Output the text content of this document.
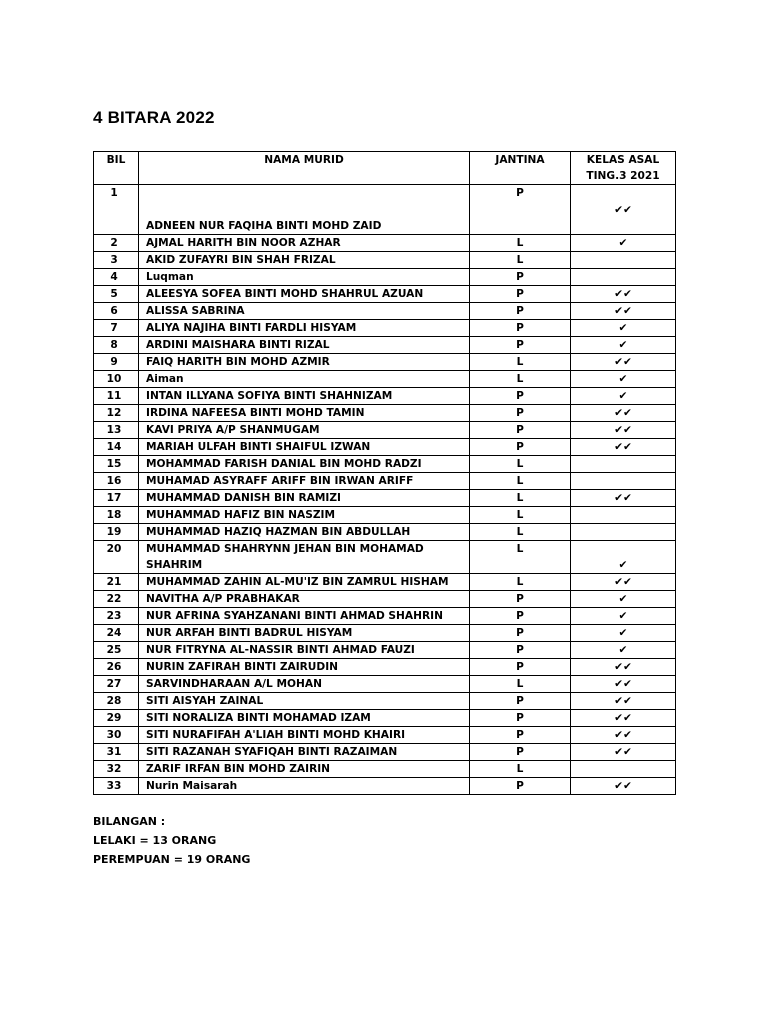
4 BITARA 2022
BIL	NAMA MURID	JANTINA	KELAS ASAL
TING.3 2021

1	ADNEEN NUR FAQIHA BINTI MOHD ZAID	P	✔✔
2	AJMAL HARITH BIN NOOR AZHAR	L	✔
3	AKID ZUFAYRI BIN SHAH FRIZAL	L	
4	Luqman	P	
5	ALEESYA SOFEA BINTI MOHD SHAHRUL AZUAN	P	✔✔
6	ALISSA SABRINA	P	✔✔
7	ALIYA NAJIHA BINTI FARDLI HISYAM	P	✔
8	ARDINI MAISHARA BINTI RIZAL	P	✔
9	FAIQ HARITH BIN MOHD AZMIR	L	✔✔
10	Aiman	L	✔
11	INTAN ILLYANA SOFIYA BINTI SHAHNIZAM	P	✔
12	IRDINA NAFEESA BINTI MOHD TAMIN	P	✔✔
13	KAVI PRIYA A/P SHANMUGAM	P	✔✔
14	MARIAH ULFAH BINTI SHAIFUL IZWAN	P	✔✔
15	MOHAMMAD FARISH DANIAL BIN MOHD RADZI	L	
16	MUHAMAD ASYRAFF ARIFF BIN IRWAN ARIFF	L	
17	MUHAMMAD DANISH BIN RAMIZI	L	✔✔
18	MUHAMMAD HAFIZ BIN NASZIM	L	
19	MUHAMMAD HAZIQ HAZMAN BIN ABDULLAH	L	
20	MUHAMMAD SHAHRYNN JEHAN BIN MOHAMAD SHAHRIM	L	✔
21	MUHAMMAD ZAHIN AL-MU'IZ BIN ZAMRUL HISHAM	L	✔✔
22	NAVITHA A/P PRABHAKAR	P	✔
23	NUR AFRINA SYAHZANANI BINTI AHMAD SHAHRIN	P	✔
24	NUR ARFAH BINTI BADRUL HISYAM	P	✔
25	NUR FITRYNA AL-NASSIR BINTI AHMAD FAUZI	P	✔
26	NURIN ZAFIRAH BINTI ZAIRUDIN	P	✔✔
27	SARVINDHARAAN A/L MOHAN	L	✔✔
28	SITI AISYAH ZAINAL	P	✔✔
29	SITI NORALIZA BINTI MOHAMAD IZAM	P	✔✔
30	SITI NURAFIFAH A'LIAH BINTI MOHD KHAIRI	P	✔✔
31	SITI RAZANAH SYAFIQAH BINTI RAZAIMAN	P	✔✔
32	ZARIF IRFAN BIN MOHD ZAIRIN	L	
33	Nurin Maisarah	P	✔✔
BILANGAN :
LELAKI = 13 ORANG
PEREMPUAN = 19 ORANG
